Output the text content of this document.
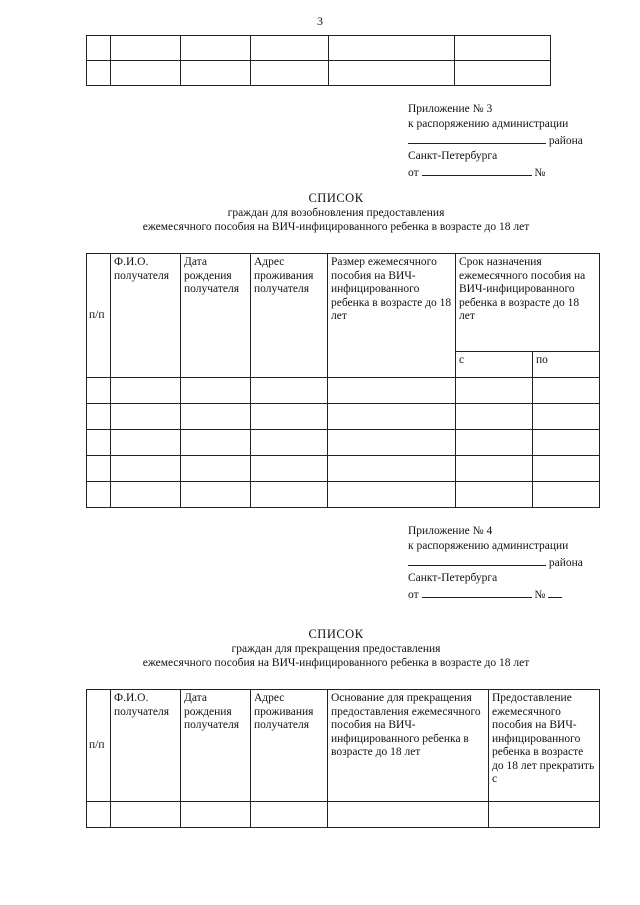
3

Приложение № 3
к распоряжению администрации
района
Санкт-Петербурга
от	№
СПИСОК
граждан для возобновления предоставления
ежемесячного пособия на ВИЧ-инфицированного ребенка в возрасте до 18 лет
п/п	Ф.И.О. получателя	Дата рождения получателя	Адрес проживания получателя	Размер ежемесячного пособия на ВИЧ-инфицированного ребенка в возрасте до 18 лет	Срок назначения ежемесячного пособия на ВИЧ-инфицированного ребенка в возрасте до 18 лет	
					с	по

Приложение № 4
к распоряжению администрации
района
Санкт-Петербурга
от	№
СПИСОК
граждан для прекращения предоставления
ежемесячного пособия на ВИЧ-инфицированного ребенка в возрасте до 18 лет
п/п	Ф.И.О. получателя	Дата рождения получателя	Адрес проживания получателя	Основание для прекращения предоставления ежемесячного пособия на ВИЧ-инфицированного ребенка в возрасте до 18 лет	Предоставление ежемесячного пособия на ВИЧ-инфицированного ребенка в возрасте до 18 лет прекратить с
